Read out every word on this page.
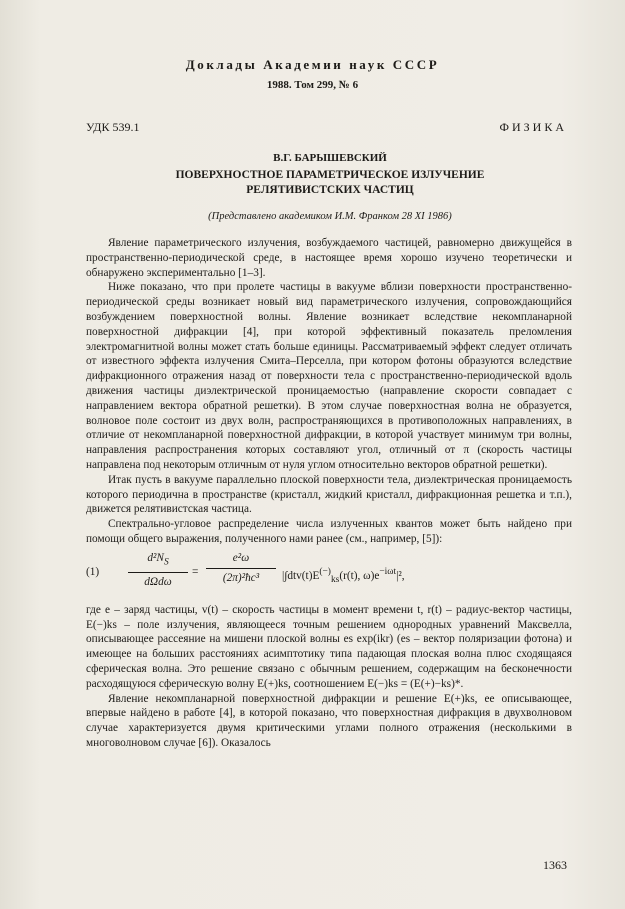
Доклады Академии наук СССР
1988. Том 299, № 6
УДК 539.1	ФИЗИКА
В.Г. БАРЫШЕВСКИЙ
ПОВЕРХНОСТНОЕ ПАРАМЕТРИЧЕСКОЕ ИЗЛУЧЕНИЕ
РЕЛЯТИВИСТСКИХ ЧАСТИЦ
(Представлено академиком И.М. Франком 28 XI 1986)

Явление параметрического излучения, возбуждаемого частицей, равномерно движущейся в пространственно-периодической среде, в настоящее время хорошо изучено теоретически и обнаружено экспериментально [1–3].

Ниже показано, что при пролете частицы в вакууме вблизи поверхности пространственно-периодической среды возникает новый вид параметрического излучения, сопровождающийся возбуждением поверхностной волны. Явление возникает вследствие некомпланарной поверхностной дифракции [4], при которой эффективный показатель преломления электромагнитной волны может стать больше единицы. Рассматриваемый эффект следует отличать от известного эффекта излучения Смита–Перселла, при котором фотоны образуются вследствие дифракционного отражения назад от поверхности тела с пространственно-периодической вдоль движения частицы диэлектрической проницаемостью (направление скорости совпадает с направлением вектора обратной решетки). В этом случае поверхностная волна не образуется, волновое поле состоит из двух волн, распространяющихся в противоположных направлениях, в отличие от некомпланарной поверхностной дифракции, в которой участвует минимум три волны, направления распространения которых составляют угол, отличный от π (скорость частицы направлена под некоторым отличным от нуля углом относительно векторов обратной решетки).

Итак пусть в вакууме параллельно плоской поверхности тела, диэлектрическая проницаемость которого периодична в пространстве (кристалл, жидкий кристалл, дифракционная решетка и т.п.), движется релятивистская частица.

Спектрально-угловое распределение числа излученных квантов может быть найдено при помощи общего выражения, полученного нами ранее (см., например, [5]):

(1)
$d^2N_S$
dΩdω
= $\frac{\text{e²ω}}{\text{(2π)²ħc³}} |\int dtv(t)E^{(-)}_{ks}(r(t)$, $\omega)e^{-i\omega t}|^2$,

где e – заряд частицы, v(t) – скорость частицы в момент времени t, r(t) – радиус-вектор частицы, E(−)ks – поле излучения, являющееся точным решением однородных уравнений Максвелла, описывающее рассеяние на мишени плоской волны es exp(ikr) (es – вектор поляризации фотона) и имеющее на больших расстояниях асимптотику типа падающая плоская волна плюс сходящаяся сферическая волна. Это решение связано с обычным решением, содержащим на бесконечности расходящуюся сферическую волну E(+)ks, соотношением E(−)ks = (E(+)−ks)*.

Явление некомпланарной поверхностной дифракции и решение E(+)ks, ее описывающее, впервые найдено в работе [4], в которой показано, что поверхностная дифракция в двухволновом случае характеризуется двумя критическими углами полного отражения (несколькими в многоволновом случае [6]). Оказалось

1363
